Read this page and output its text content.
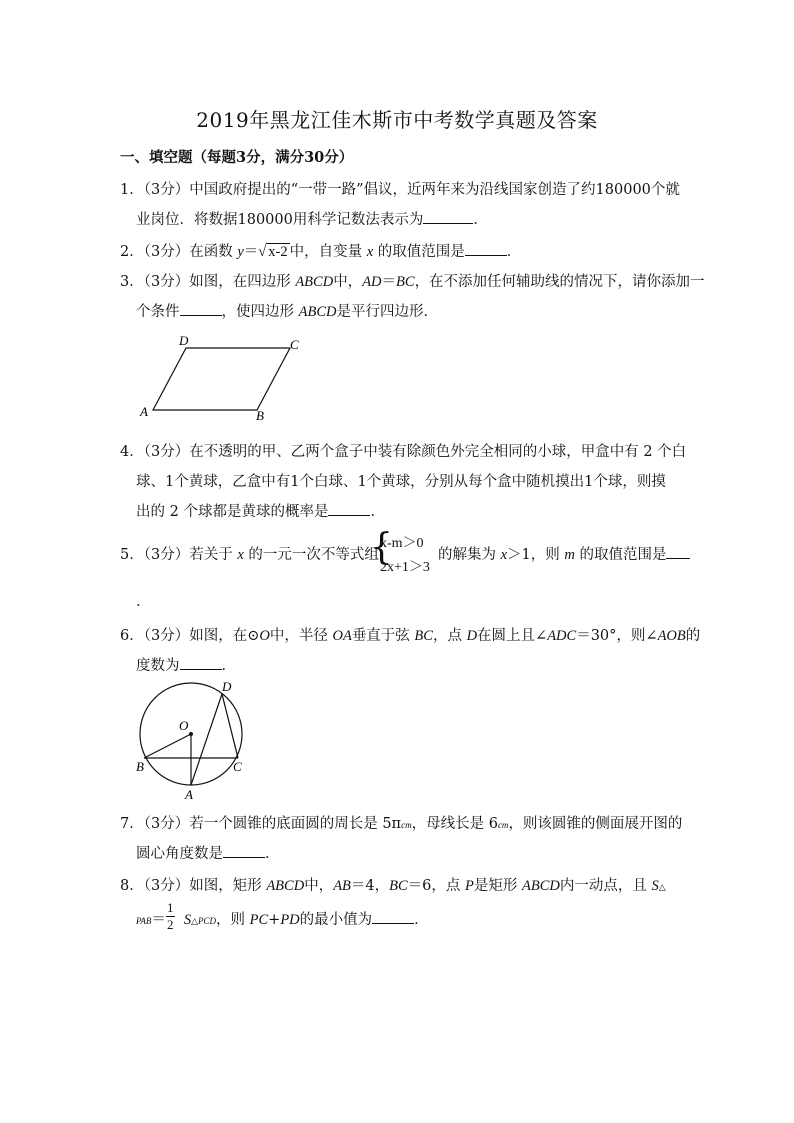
2019年黑龙江佳木斯市中考数学真题及答案
一、填空题（每题3分，满分30分）
1．（3分）中国政府提出的“一带一路”倡议，近两年来为沿线国家创造了约180000个就
业岗位．将数据180000用科学记数法表示为	．
2．（3分）在函数 y＝√ x-2 中，自变量 x 的取值范围是	．
3．（3分）如图，在四边形 ABCD中，AD＝BC，在不添加任何辅助线的情况下，请你添加一
个条件	，使四边形 ABCD是平行四边形．
A	B
C
D
4．（3分）在不透明的甲、乙两个盒子中装有除颜色外完全相同的小球，甲盒中有 2 个白
球、1个黄球，乙盒中有1个白球、1个黄球，分别从每个盒中随机摸出1个球，则摸
出的 2 个球都是黄球的概率是	．
5．（3分）若关于 x 的一元一次不等式组
{
x-m＞0
2x+1＞3
的解集为 x＞1，则 m 的取值范围是
．
6．（3分）如图，在⊙O中，半径 OA垂直于弦 BC，点 D在圆上且∠ADC＝30°，则∠AOB的
度数为	．
O
A
B	C
D
7．（3分）若一个圆锥的底面圆的周长是 5πcm，母线长是 6cm，则该圆锥的侧面展开图的
圆心角度数是	．
8．（3分）如图，矩形 ABCD中，AB＝4，BC＝6，点 P是矩形 ABCD内一动点，且 S△
PAB＝ S△PCD，则 PC+PD的最小值为	．
$\frac{1}{2}$
